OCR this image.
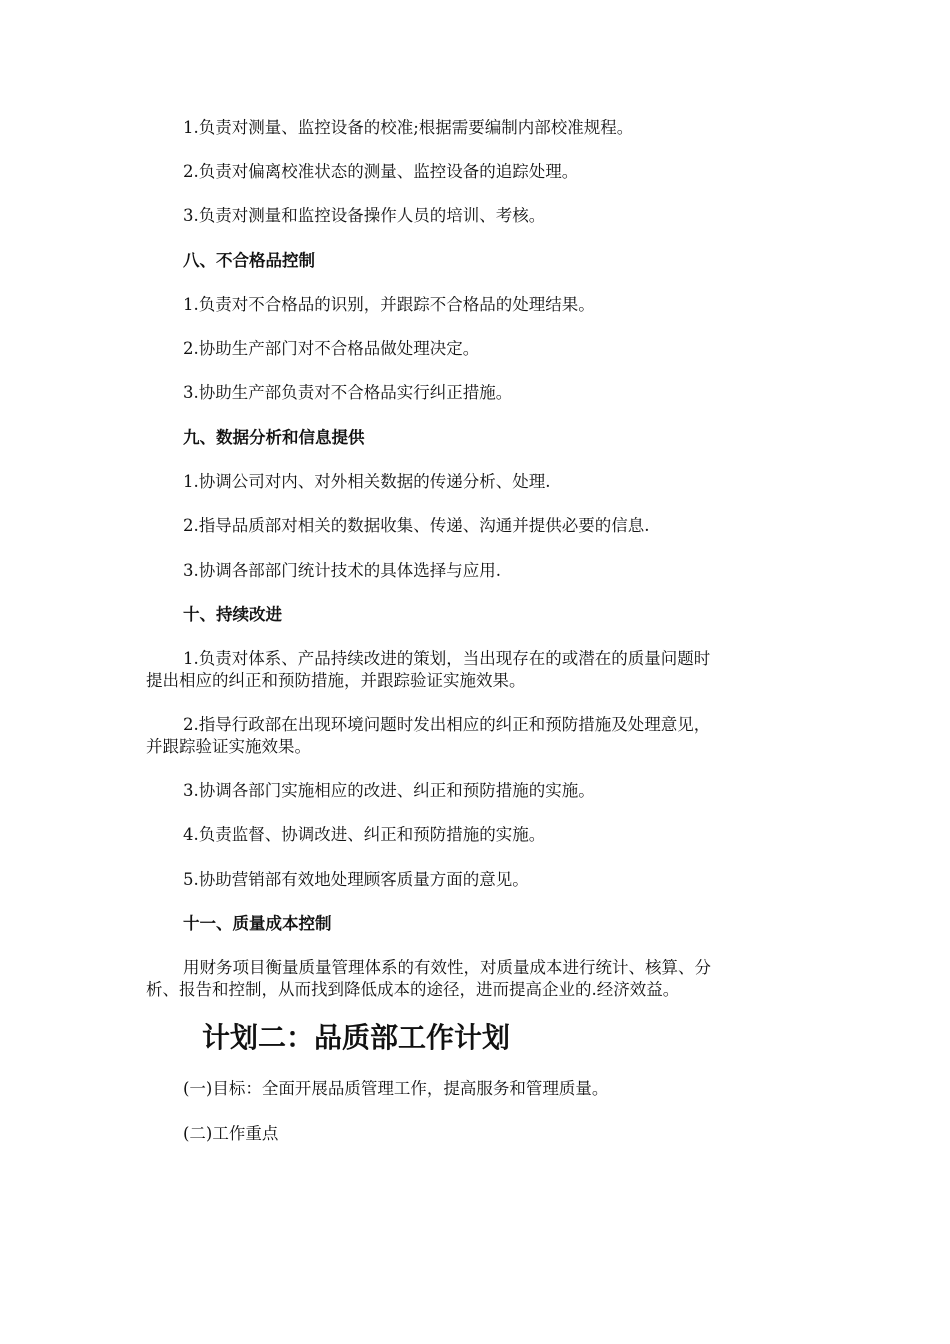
1.负责对测量、监控设备的校准;根据需要编制内部校准规程。
2.负责对偏离校准状态的测量、监控设备的追踪处理。
3.负责对测量和监控设备操作人员的培训、考核。
八、不合格品控制
1.负责对不合格品的识别，并跟踪不合格品的处理结果。
2.协助生产部门对不合格品做处理决定。
3.协助生产部负责对不合格品实行纠正措施。
九、数据分析和信息提供
1.协调公司对内、对外相关数据的传递分析、处理.
2.指导品质部对相关的数据收集、传递、沟通并提供必要的信息.
3.协调各部部门统计技术的具体选择与应用.
十、持续改进
1.负责对体系、产品持续改进的策划，当出现存在的或潜在的质量问题时
提出相应的纠正和预防措施，并跟踪验证实施效果。
2.指导行政部在出现环境问题时发出相应的纠正和预防措施及处理意见，
并跟踪验证实施效果。
3.协调各部门实施相应的改进、纠正和预防措施的实施。
4.负责监督、协调改进、纠正和预防措施的实施。
5.协助营销部有效地处理顾客质量方面的意见。
十一、质量成本控制
用财务项目衡量质量管理体系的有效性，对质量成本进行统计、核算、分
析、报告和控制，从而找到降低成本的途径，进而提高企业的.经济效益。
计划二：品质部工作计划
(一)目标：全面开展品质管理工作，提高服务和管理质量。
(二)工作重点
